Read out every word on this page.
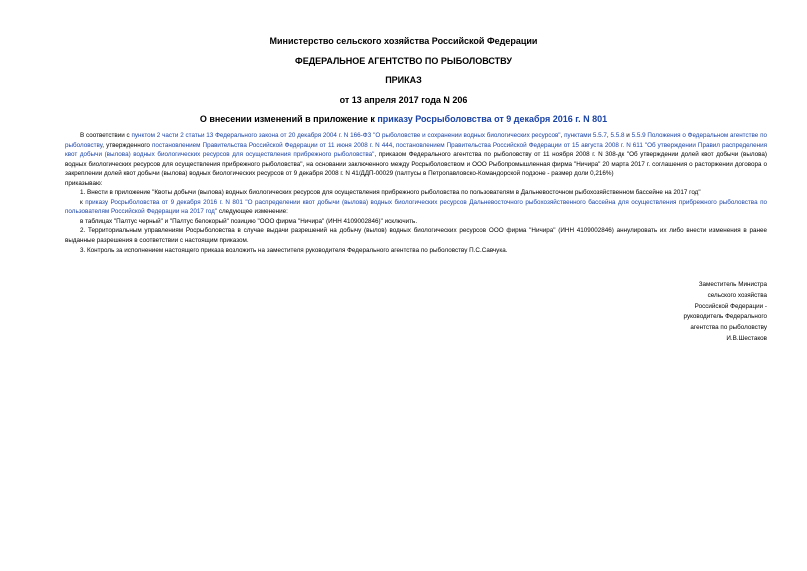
Министерство сельского хозяйства Российской Федерации
ФЕДЕРАЛЬНОЕ АГЕНТСТВО ПО РЫБОЛОВСТВУ
ПРИКАЗ
от 13 апреля 2017 года N 206
О внесении изменений в приложение к приказу Росрыболовства от 9 декабря 2016 г. N 801

В соответствии с пунктом 2 части 2 статьи 13 Федерального закона от 20 декабря 2004 г. N 166-ФЗ "О рыболовстве и сохранении водных биологических ресурсов", пунктами 5.5.7, 5.5.8 и 5.5.9 Положения о Федеральном агентстве по рыболовству, утвержденного постановлением Правительства Российской Федерации от 11 июня 2008 г. N 444, постановлением Правительства Российской Федерации от 15 августа 2008 г. N 611 "Об утверждении Правил распределения квот добычи (вылова) водных биологических ресурсов для осуществления прибрежного рыболовства", приказом Федерального агентства по рыболовству от 11 ноября 2008 г. N 308-дк "Об утверждении долей квот добычи (вылова) водных биологических ресурсов для осуществления прибрежного рыболовства", на основании заключенного между Росрыболовством и ООО Рыбопромышленная фирма "Ничира" 20 марта 2017 г. соглашения о расторжении договора о закреплении долей квот добычи (вылова) водных биологических ресурсов от 9 декабря 2008 г. N 41/ДДП-00029 (палтусы в Петропавловско-Командорской подзоне - размер доли 0,216%)

приказываю:

1. Внести в приложение "Квоты добычи (вылова) водных биологических ресурсов для осуществления прибрежного рыболовства по пользователям в Дальневосточном рыбохозяйственном бассейне на 2017 год"

к приказу Росрыболовства от 9 декабря 2016 г. N 801 "О распределении квот добычи (вылова) водных биологических ресурсов Дальневосточного рыбохозяйственного бассейна для осуществления прибрежного рыболовства по пользователям Российской Федерации на 2017 год" следующее изменение:

в таблицах "Палтус черный" и "Палтус белокорый" позицию "ООО фирма "Ничира" (ИНН 4109002846)" исключить.

2. Территориальным управлениям Росрыболовства в случае выдачи разрешений на добычу (вылов) водных биологических ресурсов ООО фирма "Ничира" (ИНН 4109002846) аннулировать их либо внести изменения в ранее выданные разрешения в соответствии с настоящим приказом.

3. Контроль за исполнением настоящего приказа возложить на заместителя руководителя Федерального агентства по рыболовству П.С.Савчука.

Заместитель Министра
сельского хозяйства
Российской Федерации -
руководитель Федерального
агентства по рыболовству
И.В.Шестаков
